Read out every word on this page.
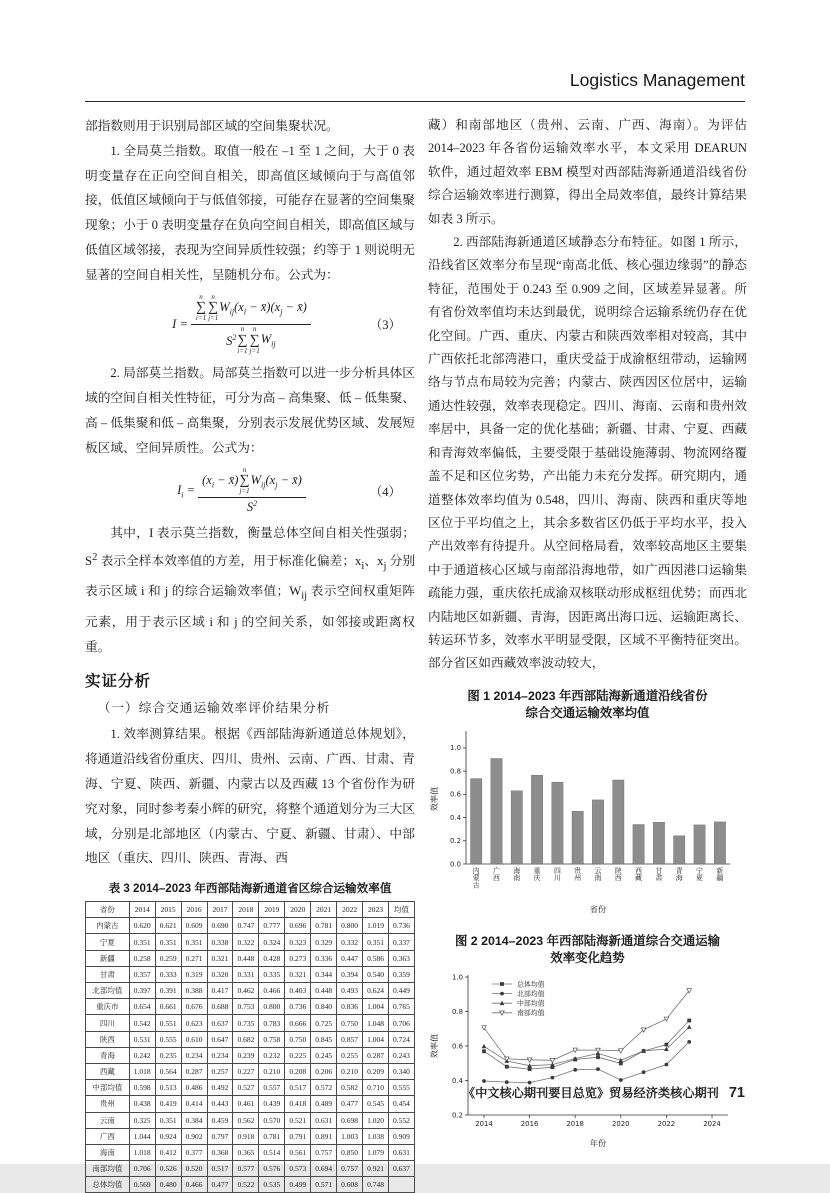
Logistics Management

部指数则用于识别局部区域的空间集聚状况。

1. 全局莫兰指数。取值一般在 –1 至 1 之间，大于 0 表明变量存在正向空间自相关，即高值区域倾向于与高值邻接，低值区域倾向于与低值邻接，可能存在显著的空间集聚现象；小于 0 表明变量存在负向空间自相关，即高值区域与低值区域邻接，表现为空间异质性较强；约等于 1 则说明无显著的空间自相关性，呈随机分布。公式为：

I = n
∑
i=1
n
∑
j=1
$W_{ij}(x_i$ − $x̄)(x_j$ − x̄)
$S^2$
n
∑
i=1
n
∑
j=1
$W_{ij}$	（3）

2. 局部莫兰指数。局部莫兰指数可以进一步分析具体区域的空间自相关性特征，可分为高 – 高集聚、低 – 低集聚、高 – 低集聚和低 – 高集聚，分别表示发展优势区域、发展短板区域、空间异质性。公式为：

$I_i = (x_i$ − x̄)
n
∑
j=1
$W_{ij}(x_j$ − x̄)
$S^2$	（4）

其中，I 表示莫兰指数，衡量总体空间自相关性强弱；$S^2$ 表示全样本效率值的方差，用于标准化偏差；$x_i$、$x_j$ 分别表示区域 i 和 j 的综合运输效率值；$W_{ij}$ 表示空间权重矩阵元素，用于表示区域 i 和 j 的空间关系，如邻接或距离权重。

实证分析
（一）综合交通运输效率评价结果分析

1. 效率测算结果。根据《西部陆海新通道总体规划》，将通道沿线省份重庆、四川、贵州、云南、广西、甘肃、青海、宁夏、陕西、新疆、内蒙古以及西藏 13 个省份作为研究对象，同时参考秦小辉的研究，将整个通道划分为三大区域，分别是北部地区（内蒙古、宁夏、新疆、甘肃）、中部地区（重庆、四川、陕西、青海、西

表 3 2014–2023 年西部陆海新通道省区综合运输效率值
省份	2014	2015	2016	2017	2018	2019	2020	2021	2022	2023	均值
内蒙古	0.620	0.621	0.609	0.690	0.747	0.777	0.696	0.781	0.800	1.019	0.736
宁夏	0.351	0.351	0.351	0.338	0.322	0.324	0.323	0.329	0.332	0.351	0.337
新疆	0.258	0.259	0.271	0.321	0.448	0.428	0.273	0.336	0.447	0.586	0.363
甘肃	0.357	0.333	0.319	0.320	0.331	0.335	0.321	0.344	0.394	0.540	0.359
北部均值	0.397	0.391	0.388	0.417	0.462	0.466	0.403	0.448	0.493	0.624	0.449
重庆市	0.654	0.661	0.676	0.688	0.753	0.800	0.736	0.840	0.836	1.004	0.765
四川	0.542	0.551	0.623	0.637	0.735	0.783	0.666	0.725	0.750	1.048	0.706
陕西	0.531	0.555	0.610	0.647	0.682	0.758	0.750	0.845	0.857	1.004	0.724
青海	0.242	0.235	0.234	0.234	0.239	0.232	0.225	0.245	0.255	0.287	0.243
西藏	1.018	0.564	0.287	0.257	0.227	0.210	0.208	0.206	0.210	0.209	0.340
中部均值	0.598	0.513	0.486	0.492	0.527	0.557	0.517	0.572	0.582	0.710	0.555
贵州	0.438	0.419	0.414	0.443	0.461	0.439	0.418	0.489	0.477	0.545	0.454
云南	0.325	0.351	0.384	0.459	0.562	0.570	0.521	0.631	0.698	1.020	0.552
广西	1.044	0.924	0.902	0.797	0.918	0.781	0.791	0.891	1.003	1.038	0.909
海南	1.018	0.412	0.377	0.368	0.365	0.514	0.561	0.757	0.850	1.079	0.631
南部均值	0.706	0.526	0.520	0.517	0.577	0.576	0.573	0.694	0.757	0.921	0.637
总体均值	0.569	0.480	0.466	0.477	0.522	0.535	0.499	0.571	0.608	0.748	

藏）和南部地区（贵州、云南、广西、海南）。为评估 2014–2023 年各省份运输效率水平，本文采用 DEARUN 软件，通过超效率 EBM 模型对西部陆海新通道沿线省份综合运输效率进行测算，得出全局效率值，最终计算结果如表 3 所示。

2. 西部陆海新通道区域静态分布特征。如图 1 所示，沿线省区效率分布呈现“南高北低、核心强边缘弱”的静态特征，范围处于 0.243 至 0.909 之间，区域差异显著。所有省份效率值均未达到最优，说明综合运输系统仍存在优化空间。广西、重庆、内蒙古和陕西效率相对较高，其中广西依托北部湾港口，重庆受益于成渝枢纽带动，运输网络与节点布局较为完善；内蒙古、陕西因区位居中，运输通达性较强，效率表现稳定。四川、海南、云南和贵州效率居中，具备一定的优化基础；新疆、甘肃、宁夏、西藏和青海效率偏低，主要受限于基础设施薄弱、物流网络覆盖不足和区位劣势，产出能力未充分发挥。研究期内，通道整体效率均值为 0.548，四川、海南、陕西和重庆等地区位于平均值之上，其余多数省区仍低于平均水平，投入产出效率有待提升。从空间格局看，效率较高地区主要集中于通道核心区域与南部沿海地带，如广西因港口运输集疏能力强，重庆依托成渝双核联动形成枢纽优势；而西北内陆地区如新疆、青海，因距离出海口远、运输距离长、转运环节多，效率水平明显受限，区域不平衡特征突出。部分省区如西藏效率波动较大，

图 1 2014–2023 年西部陆海新通道沿线省份
综合交通运输效率均值
0.0
0.2
0.4
0.6
0.8
1.0
内蒙古
广西
海南
重庆
四川
贵州
云南
陕西
西藏
甘肃
青海
宁夏
新疆
省份
效率值
图 2 2014–2023 年西部陆海新通道综合交通运输
效率变化趋势
0.2
0.4
0.6
0.8
1.0
2014	2016	2018	2020	2022	2024
总体均值
北部均值
中部均值
南部均值
年份
效率值
《中文核心期刊要目总览》贸易经济类核心期刊 71
